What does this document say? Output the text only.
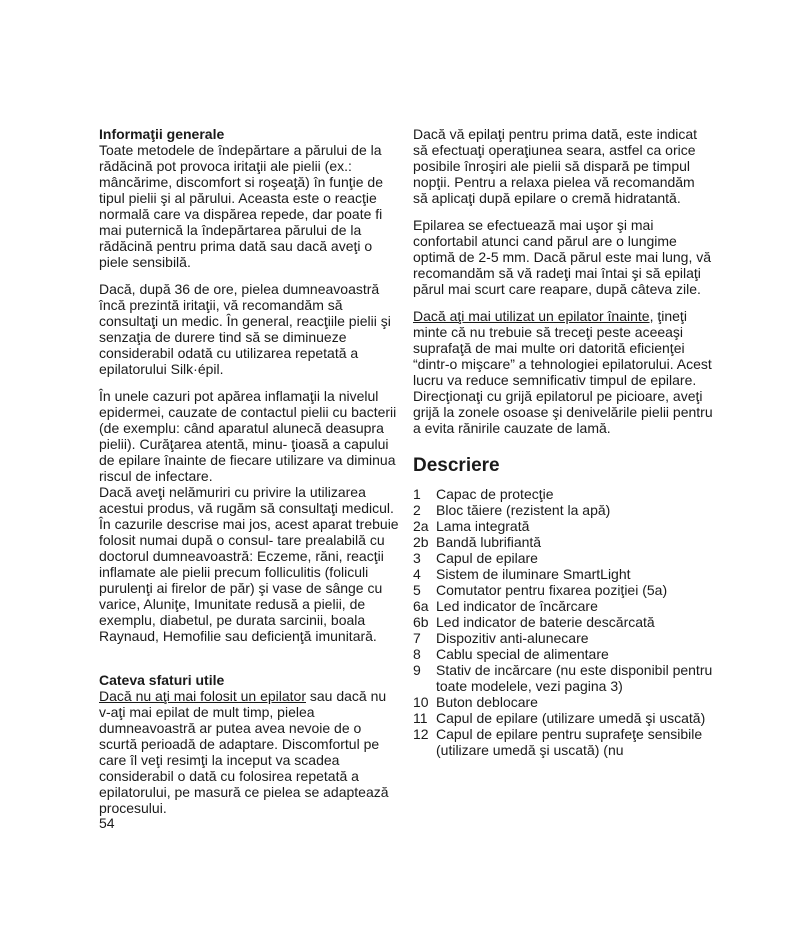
Informaţii generale
Toate metodele de îndepărtare a părului de la rădăcină pot provoca iritaţii ale pielii (ex.: mâncărime, discomfort si roşeaţă) în funţie de tipul pielii şi al părului. Aceasta este o reacţie normală care va dispărea repede, dar poate fi mai puternică la îndepărtarea părului de la rădăcină pentru prima dată sau dacă aveţi o piele sensibilă.

Dacă, după 36 de ore, pielea dumneavoastră încă prezintă iritaţii, vă recomandăm să consultaţi un medic. În general, reacţiile pielii şi senzaţia de durere tind să se diminueze considerabil odată cu utilizarea repetată a epilatorului Silk·épil.

În unele cazuri pot apărea inflamaţii la nivelul epidermei, cauzate de contactul pielii cu bacterii (de exemplu: când aparatul alunecă deasupra pielii). Curăţarea atentă, minu- ţioasă a capului de epilare înainte de fiecare utilizare va diminua riscul de infectare.

Dacă aveţi nelămuriri cu privire la utilizarea acestui produs, vă rugăm să consultaţi medicul. În cazurile descrise mai jos, acest aparat trebuie folosit numai după o consul- tare prealabilă cu doctorul dumneavoastră: Eczeme, răni, reacţii inflamate ale pielii precum folliculitis (foliculi purulenţi ai firelor de păr) şi vase de sânge cu varice, Aluniţe, Imunitate redusă a pielii, de exemplu, diabetul, pe durata sarcinii, boala Raynaud, Hemofilie sau deficienţă imunitară.

Cateva sfaturi utile
Dacă nu aţi mai folosit un epilator sau dacă nu v-aţi mai epilat de mult timp, pielea dumneavoastră ar putea avea nevoie de o scurtă perioadă de adaptare. Discomfortul pe care îl veţi resimţi la inceput va scadea considerabil o dată cu folosirea repetată a epilatorului, pe masură ce pielea se adaptează procesului.

Dacă vă epilaţi pentru prima dată, este indicat să efectuaţi operaţiunea seara, astfel ca orice posibile înroşiri ale pielii să dispară pe timpul nopţii. Pentru a relaxa pielea vă recomandăm să aplicaţi după epilare o cremă hidratantă.

Epilarea se efectuează mai uşor şi mai confortabil atunci cand părul are o lungime optimă de 2-5 mm. Dacă părul este mai lung, vă recomandăm să vă radeţi mai întai şi să epilaţi părul mai scurt care reapare, după câteva zile.

Dacă aţi mai utilizat un epilator înainte, ţineţi minte că nu trebuie să treceţi peste aceeaşi suprafaţă de mai multe ori datorită eficienţei “dintr-o mişcare” a tehnologiei epilatorului. Acest lucru va reduce semnificativ timpul de epilare. Direcţionaţi cu grijă epilatorul pe picioare, aveţi grijă la zonele osoase şi denivelările pielii pentru a evita rănirile cauzate de lamă.

Descriere
1	Capac de protecţie
2	Bloc tăiere (rezistent la apă)
2a Lama integrată
2b Bandă lubrifiantă
3	Capul de epilare
4	Sistem de iluminare SmartLight
5	Comutator pentru fixarea poziţiei (5a)
6a Led indicator de încărcare
6b Led indicator de baterie descărcată
7	Dispozitiv anti-alunecare
8	Cablu special de alimentare
9	Stativ de incărcare (nu este disponibil pentru toate modelele, vezi pagina 3)
10 Buton deblocare
11 Capul de epilare (utilizare umedă şi uscată)
12 Capul de epilare pentru suprafeţe sensibile (utilizare umedă şi uscată) (nu
54
